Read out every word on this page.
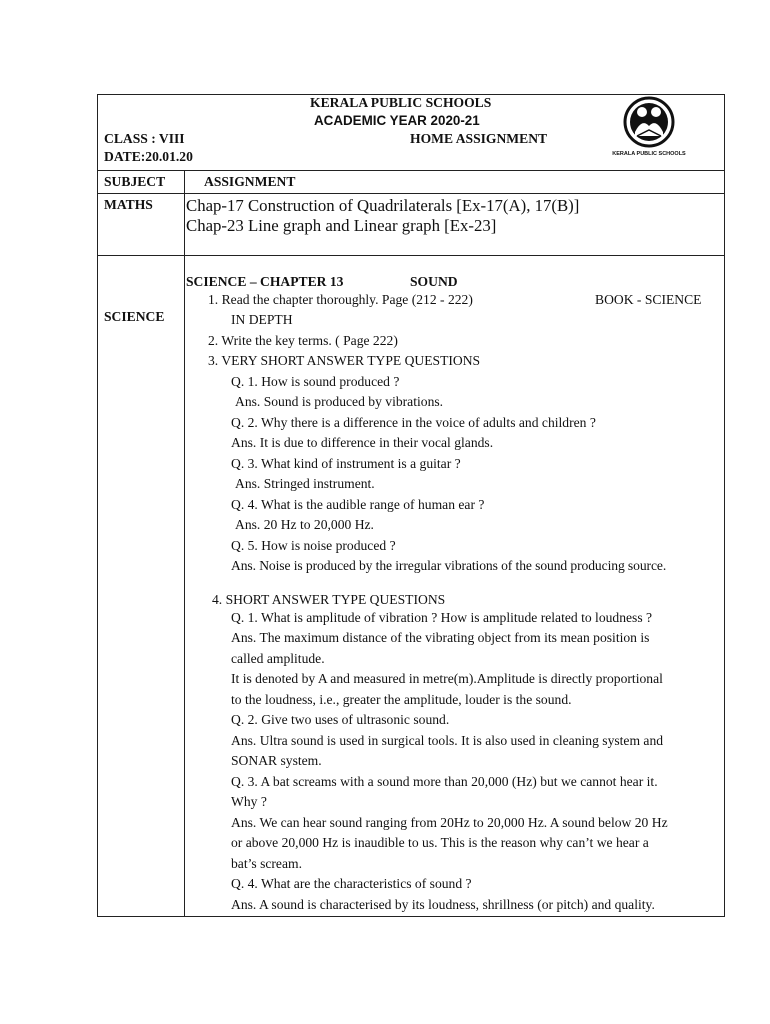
KERALA PUBLIC SCHOOLS
ACADEMIC YEAR 2020-21
CLASS : VIII	HOME ASSIGNMENT
DATE:20.01.20	KERALA PUBLIC SCHOOLS
SUBJECT	ASSIGNMENT
MATHS Chap-17 Construction of Quadrilaterals [Ex-17(A), 17(B)]
Chap-23 Line graph and Linear graph [Ex-23]
SCIENCE
SCIENCE – CHAPTER 13	SOUND
1. Read the chapter thoroughly. Page (212 - 222)	BOOK - SCIENCE
IN DEPTH
2. Write the key terms. ( Page 222)
3. VERY SHORT ANSWER TYPE QUESTIONS
Q. 1. How is sound produced ?
Ans. Sound is produced by vibrations.
Q. 2. Why there is a difference in the voice of adults and children ?
Ans. It is due to difference in their vocal glands.
Q. 3. What kind of instrument is a guitar ?
Ans. Stringed instrument.
Q. 4. What is the audible range of human ear ?
Ans. 20 Hz to 20,000 Hz.
Q. 5. How is noise produced ?
Ans. Noise is produced by the irregular vibrations of the sound producing source.
4. SHORT ANSWER TYPE QUESTIONS
Q. 1. What is amplitude of vibration ? How is amplitude related to loudness ?
Ans. The maximum distance of the vibrating object from its mean position is
called amplitude.
It is denoted by A and measured in metre(m).Amplitude is directly proportional
to the loudness, i.e., greater the amplitude, louder is the sound.
Q. 2. Give two uses of ultrasonic sound.
Ans. Ultra sound is used in surgical tools. It is also used in cleaning system and
SONAR system.
Q. 3. A bat screams with a sound more than 20,000 (Hz) but we cannot hear it.
Why ?
Ans. We can hear sound ranging from 20Hz to 20,000 Hz. A sound below 20 Hz
or above 20,000 Hz is inaudible to us. This is the reason why can’t we hear a
bat’s scream.
Q. 4. What are the characteristics of sound ?
Ans. A sound is characterised by its loudness, shrillness (or pitch) and quality.
